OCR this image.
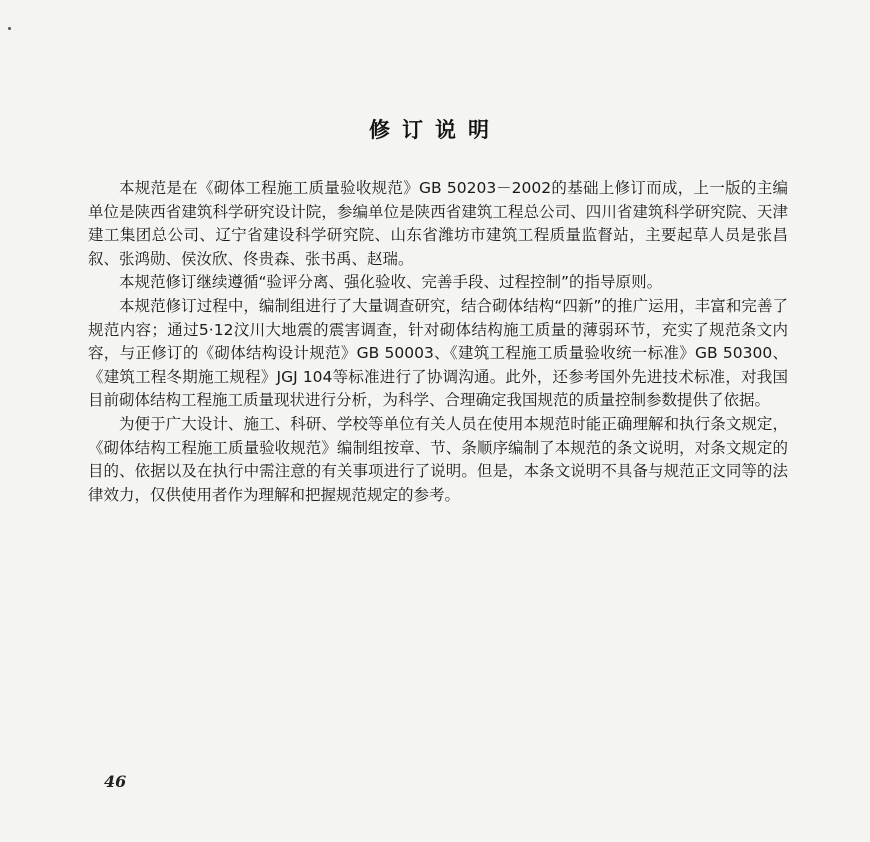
修订说明

本规范是在《砌体工程施工质量验收规范》GB 50203－2002的基础上修订而成，上一版的主编单位是陕西省建筑科学研究设计院，参编单位是陕西省建筑工程总公司、四川省建筑科学研究院、天津建工集团总公司、辽宁省建设科学研究院、山东省潍坊市建筑工程质量监督站，主要起草人员是张昌叙、张鸿勋、侯汝欣、佟贵森、张书禹、赵瑞。

本规范修订继续遵循“验评分离、强化验收、完善手段、过程控制”的指导原则。

本规范修订过程中，编制组进行了大量调查研究，结合砌体结构“四新”的推广运用，丰富和完善了规范内容；通过5·12汶川大地震的震害调查，针对砌体结构施工质量的薄弱环节，充实了规范条文内容，与正修订的《砌体结构设计规范》GB 50003、《建筑工程施工质量验收统一标准》GB 50300、《建筑工程冬期施工规程》JGJ 104等标准进行了协调沟通。此外，还参考国外先进技术标准，对我国目前砌体结构工程施工质量现状进行分析，为科学、合理确定我国规范的质量控制参数提供了依据。

为便于广大设计、施工、科研、学校等单位有关人员在使用本规范时能正确理解和执行条文规定，《砌体结构工程施工质量验收规范》编制组按章、节、条顺序编制了本规范的条文说明，对条文规定的目的、依据以及在执行中需注意的有关事项进行了说明。但是，本条文说明不具备与规范正文同等的法律效力，仅供使用者作为理解和把握规范规定的参考。

46
